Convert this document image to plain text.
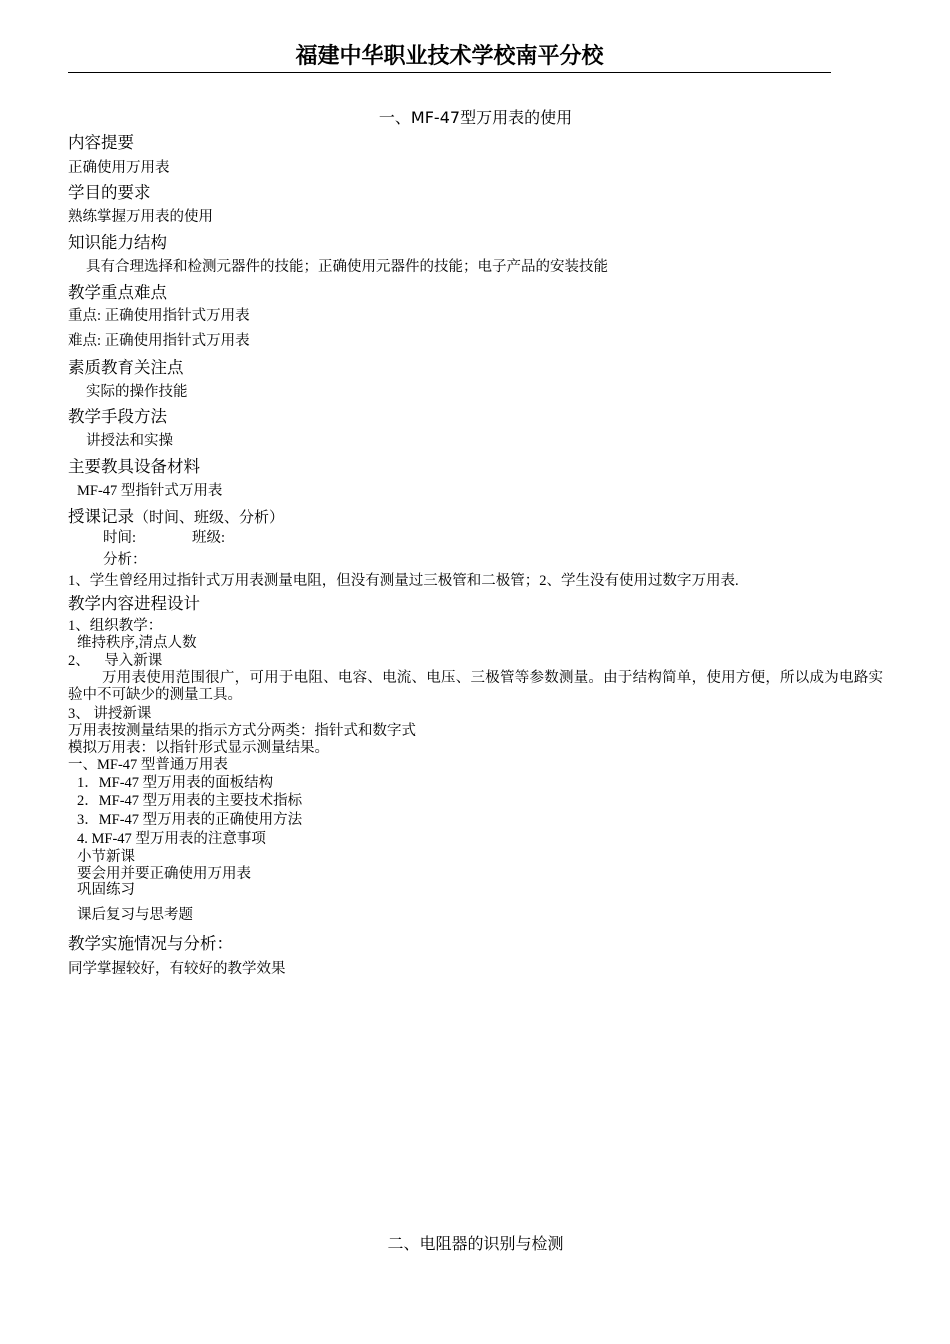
福建中华职业技术学校南平分校
一、MF-47型万用表的使用
内容提要
正确使用万用表
学目的要求
熟练掌握万用表的使用
知识能力结构
具有合理选择和检测元器件的技能；正确使用元器件的技能；电子产品的安装技能
教学重点难点
重点: 正确使用指针式万用表
难点: 正确使用指针式万用表
素质教育关注点
实际的操作技能
教学手段方法
讲授法和实操
主要教具设备材料
MF-47 型指针式万用表
授课记录（时间、班级、分析）
时间:	班级:
分析：
1、学生曾经用过指针式万用表测量电阻，但没有测量过三极管和二极管；2、学生没有使用过数字万用表.
教学内容进程设计
1、组织教学：
维持秩序,清点人数
2、    导入新课
万用表使用范围很广，可用于电阻、电容、电流、电压、三极管等参数测量。由于结构简单，使用方便，所以成为电路实验中不可缺少的测量工具。
3、 讲授新课
万用表按测量结果的指示方式分两类：指针式和数字式
模拟万用表：以指针形式显示测量结果。
一、MF-47 型普通万用表
1．MF-47 型万用表的面板结构
2．MF-47 型万用表的主要技术指标
3．MF-47 型万用表的正确使用方法
4. MF-47 型万用表的注意事项
小节新课
要会用并要正确使用万用表
巩固练习
课后复习与思考题
教学实施情况与分析：
同学掌握较好，有较好的教学效果
二、电阻器的识别与检测
